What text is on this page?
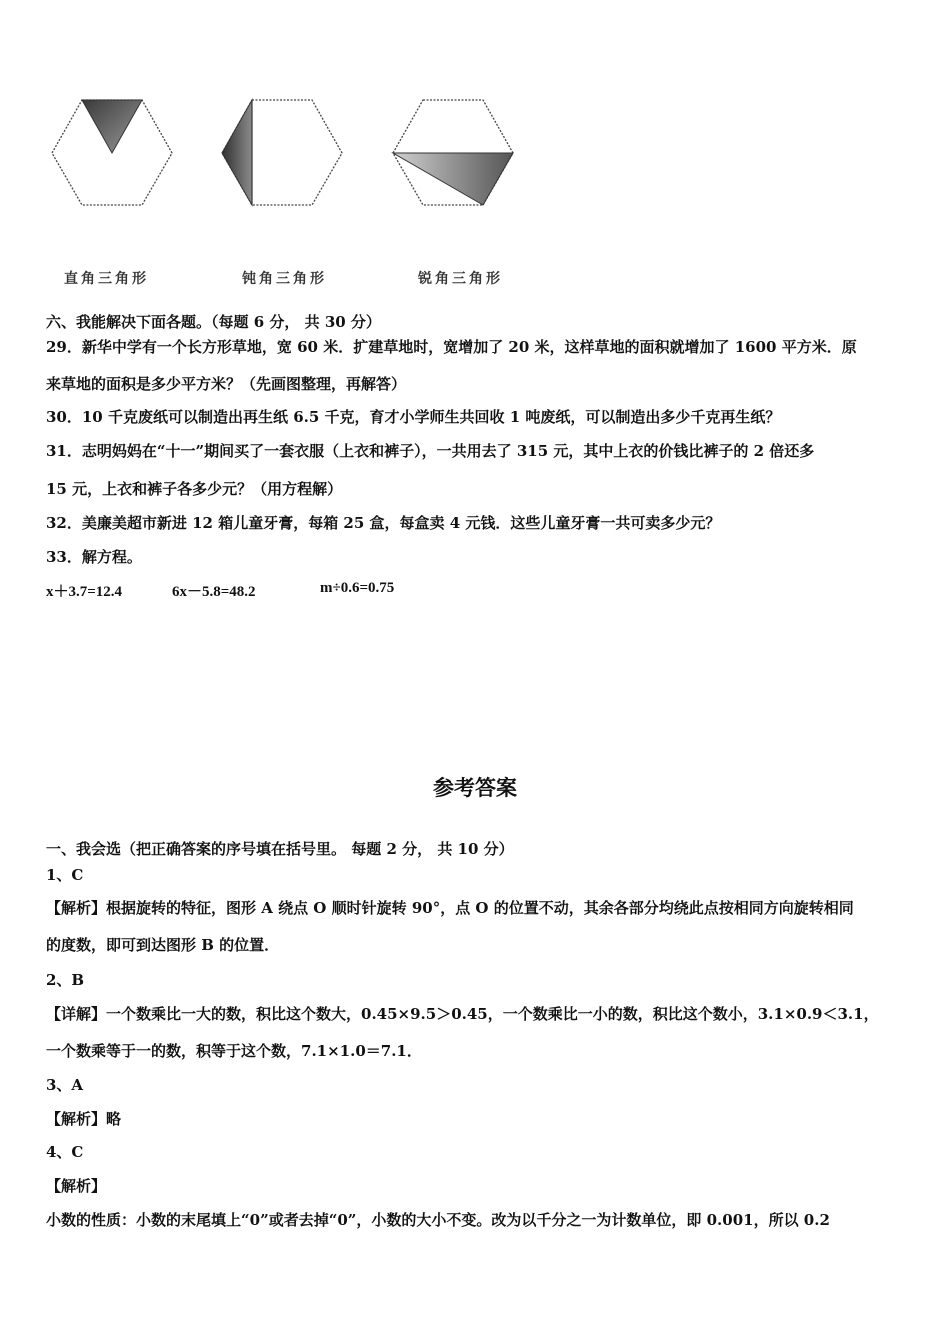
直角三角形	钝角三角形	锐角三角形
六、我能解决下面各题。（每题 6 分， 共 30 分）
29．新华中学有一个长方形草地，宽 60 米．扩建草地时，宽增加了 20 米，这样草地的面积就增加了 1600 平方米．原
来草地的面积是多少平方米？（先画图整理，再解答）
30．10 千克废纸可以制造出再生纸 6.5 千克，育才小学师生共回收 1 吨废纸，可以制造出多少千克再生纸？
31．志明妈妈在“十一”期间买了一套衣服（上衣和裤子），一共用去了 315 元，其中上衣的价钱比裤子的 2 倍还多
15 元，上衣和裤子各多少元？（用方程解）
32．美廉美超市新进 12 箱儿童牙膏，每箱 25 盒，每盒卖 4 元钱．这些儿童牙膏一共可卖多少元？
33．解方程。
x＋3.7=12.4	6x－5.8=48.2	m÷0.6=0.75
参考答案
一、我会选（把正确答案的序号填在括号里。 每题 2 分， 共 10 分）
1、C
【解析】根据旋转的特征，图形 A 绕点 O 顺时针旋转 90°，点 O 的位置不动，其余各部分均绕此点按相同方向旋转相同
的度数，即可到达图形 B 的位置．
2、B
【详解】一个数乘比一大的数，积比这个数大，0.45×9.5＞0.45，一个数乘比一小的数，积比这个数小，3.1×0.9＜3.1，
一个数乘等于一的数，积等于这个数，7.1×1.0＝7.1．
3、A
【解析】略
4、C
【解析】
小数的性质：小数的末尾填上“0”或者去掉“0”，小数的大小不变。改为以千分之一为计数单位，即 0.001，所以 0.2
